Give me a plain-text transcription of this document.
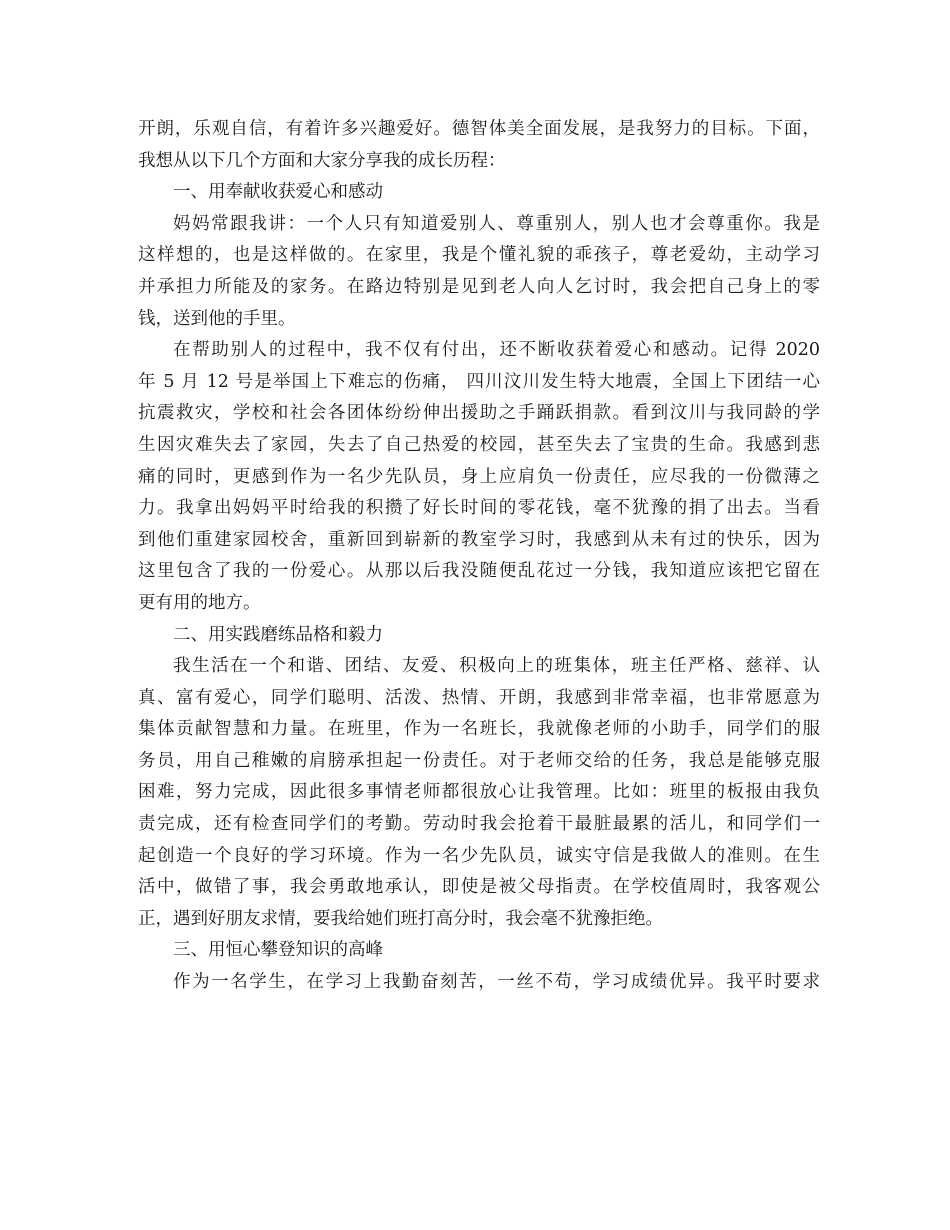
开朗，乐观自信，有着许多兴趣爱好。德智体美全面发展，是我努力的目标。下面，
我想从以下几个方面和大家分享我的成长历程：
一、用奉献收获爱心和感动
妈妈常跟我讲：一个人只有知道爱别人、尊重别人，别人也才会尊重你。我是
这样想的，也是这样做的。在家里，我是个懂礼貌的乖孩子，尊老爱幼，主动学习
并承担力所能及的家务。在路边特别是见到老人向人乞讨时，我会把自己身上的零
钱，送到他的手里。
在帮助别人的过程中，我不仅有付出，还不断收获着爱心和感动。记得 2020
年 5 月 12 号是举国上下难忘的伤痛， 四川汶川发生特大地震，全国上下团结一心
抗震救灾，学校和社会各团体纷纷伸出援助之手踊跃捐款。看到汶川与我同龄的学
生因灾难失去了家园，失去了自己热爱的校园，甚至失去了宝贵的生命。我感到悲
痛的同时，更感到作为一名少先队员，身上应肩负一份责任，应尽我的一份微薄之
力。我拿出妈妈平时给我的积攒了好长时间的零花钱，毫不犹豫的捐了出去。当看
到他们重建家园校舍，重新回到崭新的教室学习时，我感到从未有过的快乐，因为
这里包含了我的一份爱心。从那以后我没随便乱花过一分钱，我知道应该把它留在
更有用的地方。
二、用实践磨练品格和毅力
我生活在一个和谐、团结、友爱、积极向上的班集体，班主任严格、慈祥、认
真、富有爱心，同学们聪明、活泼、热情、开朗，我感到非常幸福，也非常愿意为
集体贡献智慧和力量。在班里，作为一名班长，我就像老师的小助手，同学们的服
务员，用自己稚嫩的肩膀承担起一份责任。对于老师交给的任务，我总是能够克服
困难，努力完成，因此很多事情老师都很放心让我管理。比如：班里的板报由我负
责完成，还有检查同学们的考勤。劳动时我会抢着干最脏最累的活儿，和同学们一
起创造一个良好的学习环境。作为一名少先队员，诚实守信是我做人的准则。在生
活中，做错了事，我会勇敢地承认，即使是被父母指责。在学校值周时，我客观公
正，遇到好朋友求情，要我给她们班打高分时，我会毫不犹豫拒绝。
三、用恒心攀登知识的高峰
作为一名学生，在学习上我勤奋刻苦，一丝不苟，学习成绩优异。我平时要求
